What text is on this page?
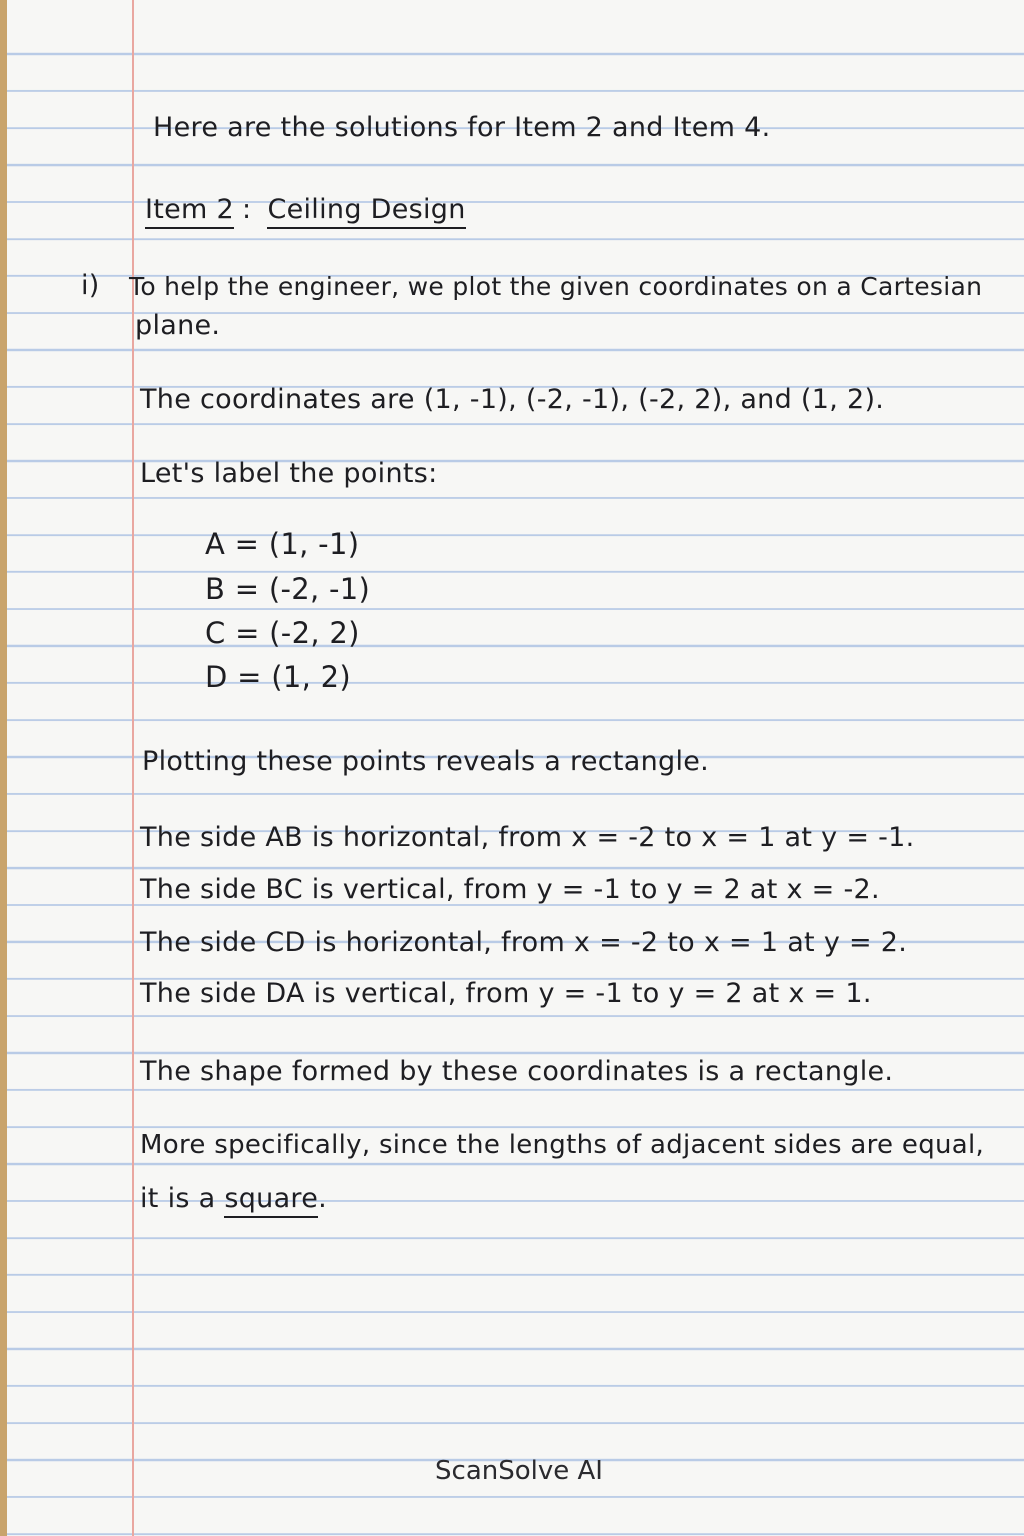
Here are the solutions for Item 2 and Item 4.
Item 2 : Ceiling Design
i) To help the engineer, we plot the given coordinates on a Cartesian
plane.
The coordinates are (1, -1), (-2, -1), (-2, 2), and (1, 2).
Let's label the points:
A = (1, -1)
B = (-2, -1)
C = (-2, 2)
D = (1, 2)
Plotting these points reveals a rectangle.
The side AB is horizontal, from x = -2 to x = 1 at y = -1.
The side BC is vertical, from y = -1 to y = 2 at x = -2.
The side CD is horizontal, from x = -2 to x = 1 at y = 2.
The side DA is vertical, from y = -1 to y = 2 at x = 1.
The shape formed by these coordinates is a rectangle.
More specifically, since the lengths of adjacent sides are equal,
it is a square.
ScanSolve AI
